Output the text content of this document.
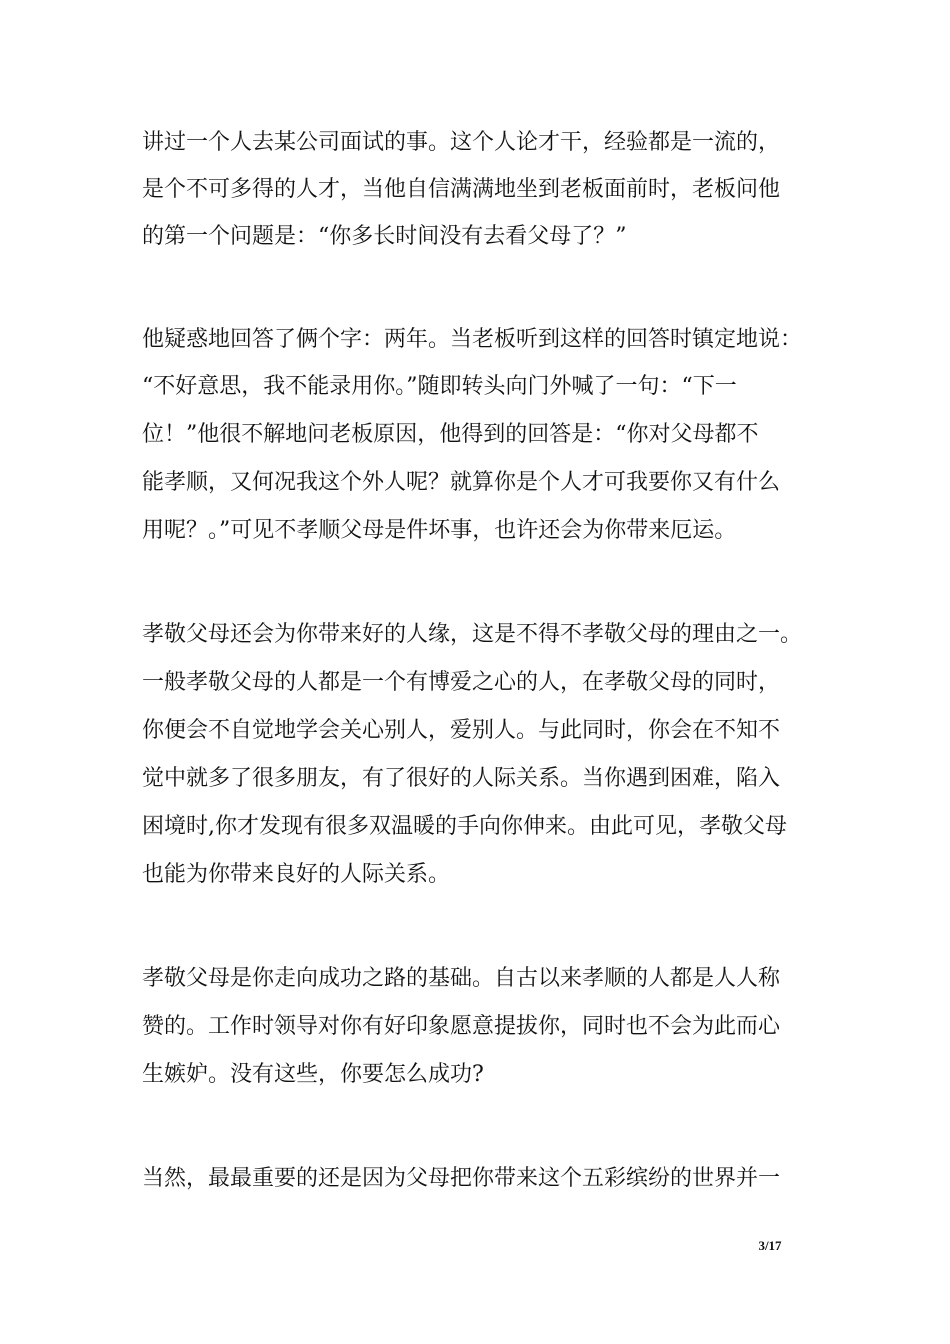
讲过一个人去某公司面试的事。这个人论才干，经验都是一流的，
是个不可多得的人才，当他自信满满地坐到老板面前时，老板问他
的第一个问题是：“你多长时间没有去看父母了？”
他疑惑地回答了俩个字：两年。当老板听到这样的回答时镇定地说：
“不好意思，我不能录用你。”随即转头向门外喊了一句：“下一
位！”他很不解地问老板原因，他得到的回答是：“你对父母都不
能孝顺，又何况我这个外人呢？就算你是个人才可我要你又有什么
用呢？。”可见不孝顺父母是件坏事，也许还会为你带来厄运。
孝敬父母还会为你带来好的人缘，这是不得不孝敬父母的理由之一。
一般孝敬父母的人都是一个有博爱之心的人，在孝敬父母的同时，
你便会不自觉地学会关心别人，爱别人。与此同时，你会在不知不
觉中就多了很多朋友，有了很好的人际关系。当你遇到困难，陷入
困境时,你才发现有很多双温暖的手向你伸来。由此可见，孝敬父母
也能为你带来良好的人际关系。
孝敬父母是你走向成功之路的基础。自古以来孝顺的人都是人人称
赞的。工作时领导对你有好印象愿意提拔你，同时也不会为此而心
生嫉妒。没有这些，你要怎么成功?
当然，最最重要的还是因为父母把你带来这个五彩缤纷的世界并一
3/17
